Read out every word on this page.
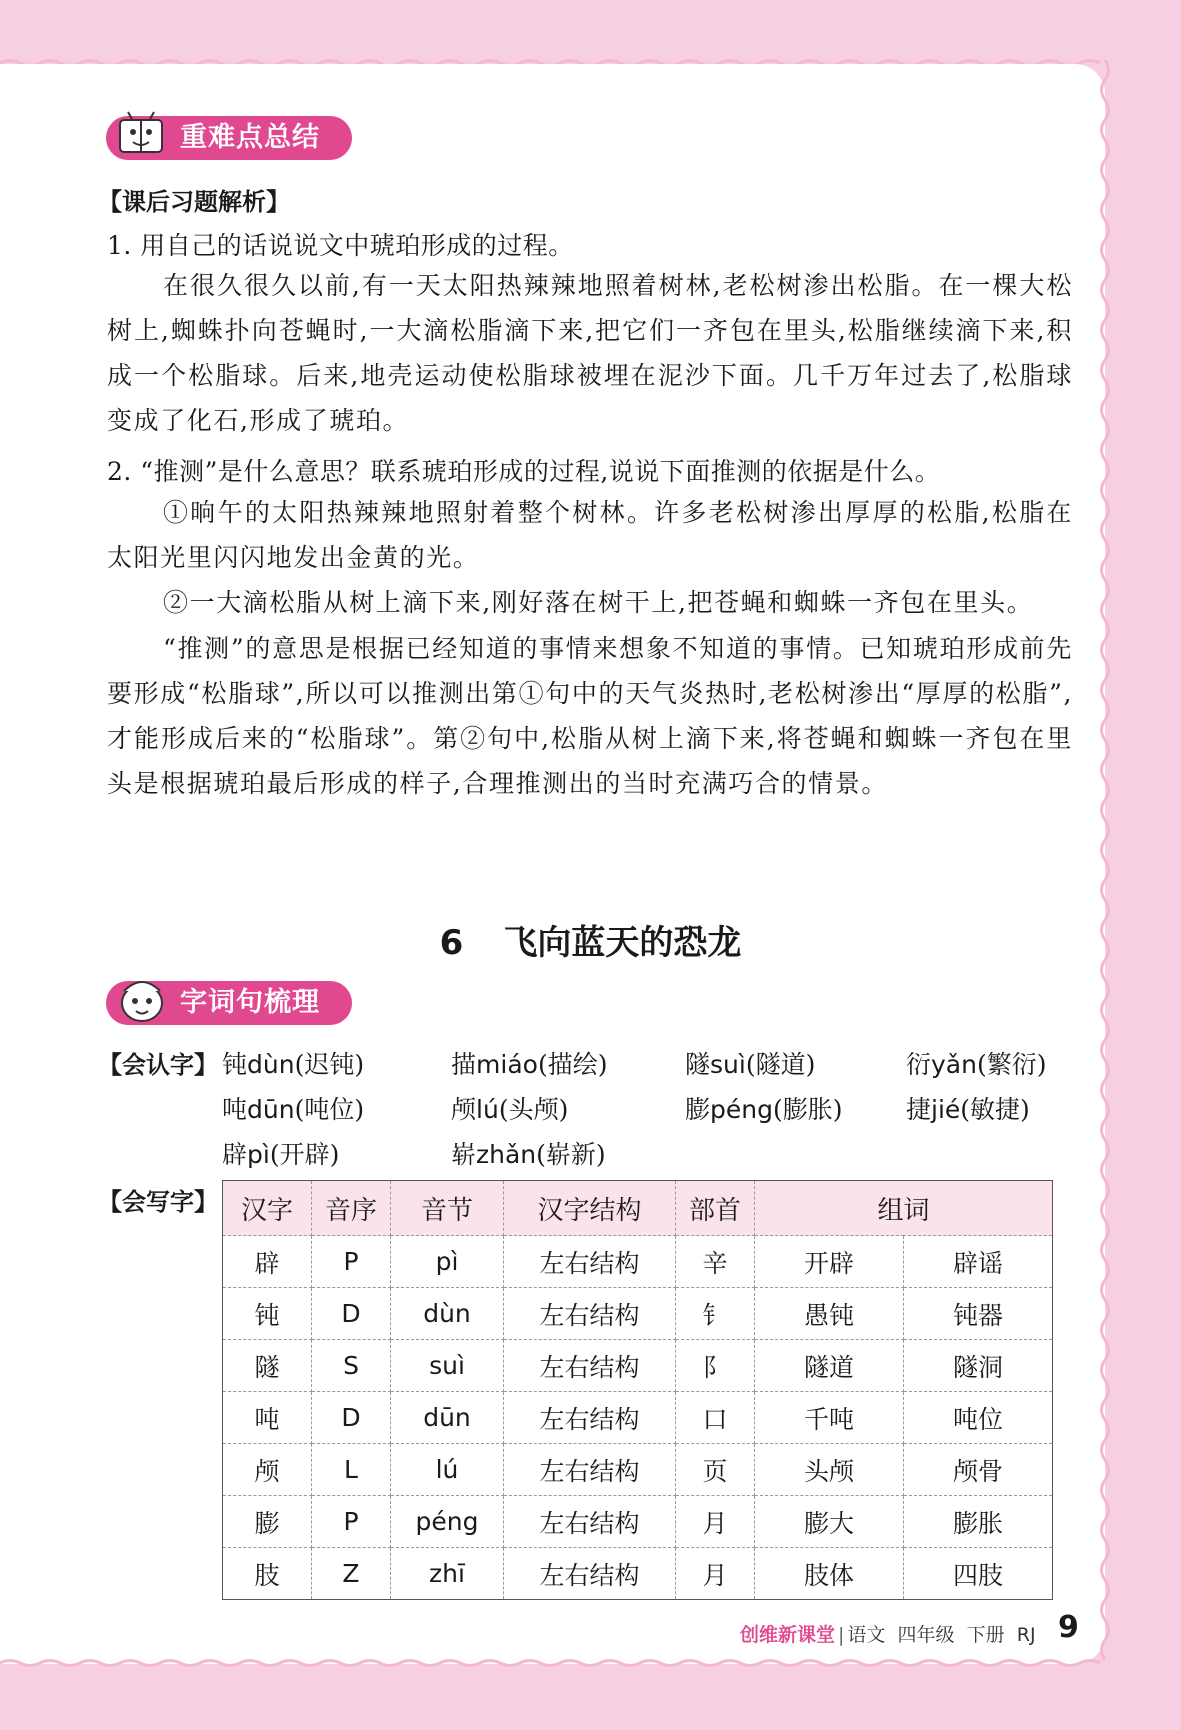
重难点总结
【课后习题解析】
1. 用自己的话说说文中琥珀形成的过程。

在很久很久以前,有一天太阳热辣辣地照着树林,老松树渗出松脂。在一棵大松树上,蜘蛛扑向苍蝇时,一大滴松脂滴下来,把它们一齐包在里头,松脂继续滴下来,积成一个松脂球。后来,地壳运动使松脂球被埋在泥沙下面。几千万年过去了,松脂球变成了化石,形成了琥珀。

2. “推测”是什么意思？联系琥珀形成的过程,说说下面推测的依据是什么。

①晌午的太阳热辣辣地照射着整个树林。许多老松树渗出厚厚的松脂,松脂在太阳光里闪闪地发出金黄的光。

②一大滴松脂从树上滴下来,刚好落在树干上,把苍蝇和蜘蛛一齐包在里头。

“推测”的意思是根据已经知道的事情来想象不知道的事情。已知琥珀形成前先要形成“松脂球”,所以可以推测出第①句中的天气炎热时,老松树渗出“厚厚的松脂”,才能形成后来的“松脂球”。第②句中,松脂从树上滴下来,将苍蝇和蜘蛛一齐包在里头是根据琥珀最后形成的样子,合理推测出的当时充满巧合的情景。

6 飞向蓝天的恐龙
字词句梳理
【会认字】 钝dùn(迟钝)	描miáo(描绘)	隧suì(隧道)	衍yǎn(繁衍)
吨dūn(吨位)	颅lú(头颅)	膨péng(膨胀)	捷jié(敏捷)
辟pì(开辟)	崭zhǎn(崭新)
【会写字】 汉字	音序	音节	汉字结构	部首	组词	
辟	P	pì	左右结构	辛	开辟	辟谣
钝	D	dùn	左右结构	钅	愚钝	钝器
隧	S	suì	左右结构	阝	隧道	隧洞
吨	D	dūn	左右结构	口	千吨	吨位
颅	L	lú	左右结构	页	头颅	颅骨
膨	P	péng	左右结构	月	膨大	膨胀
肢	Z	zhī	左右结构	月	肢体	四肢
创维新课堂 | 语文 四年级 下册 RJ 9
